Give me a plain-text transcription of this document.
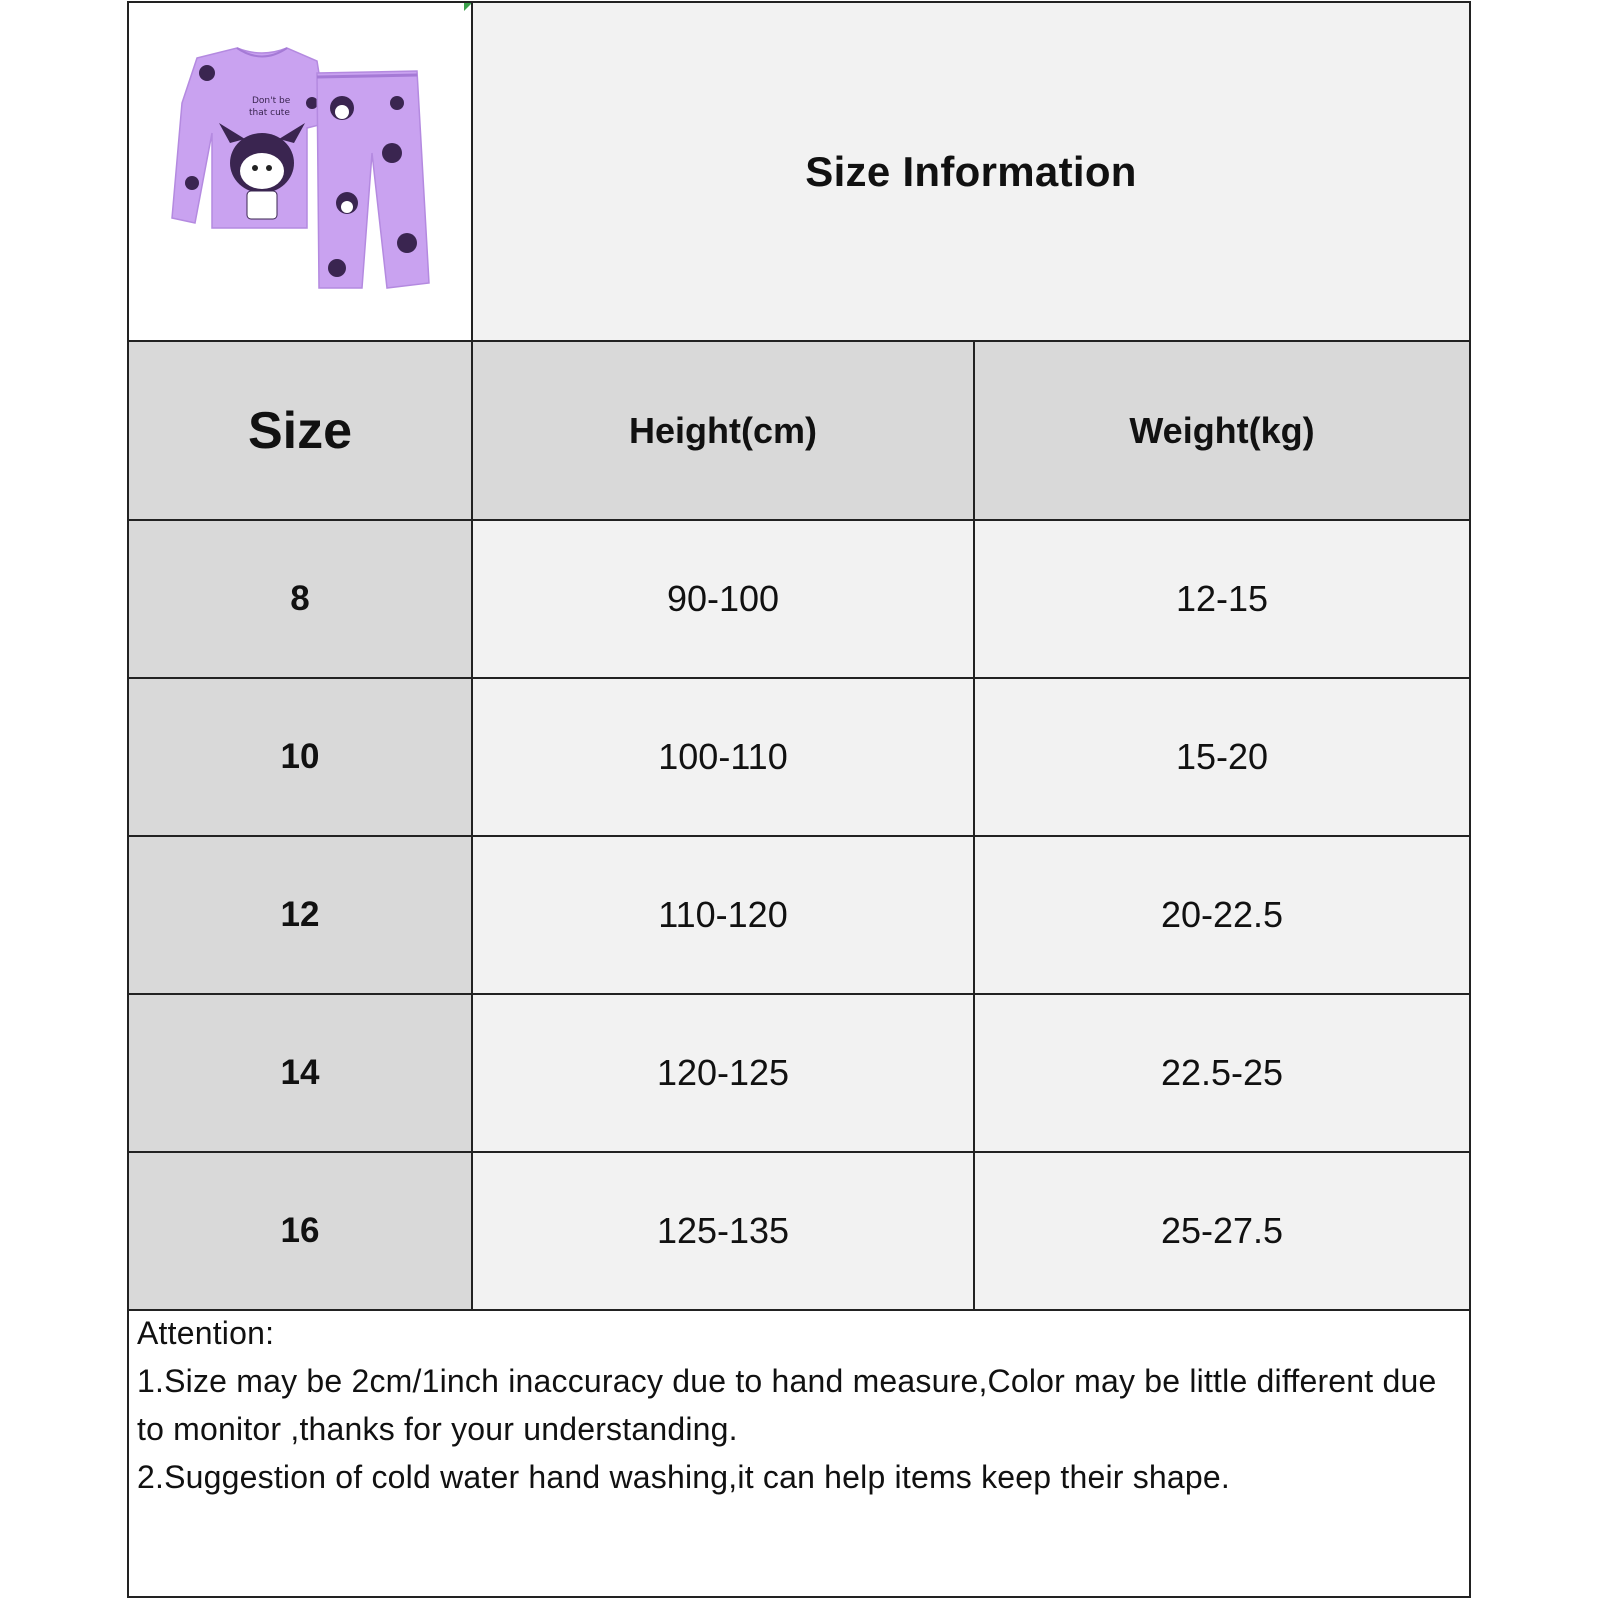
Don't be
that cute
Size Information
Size	Height(cm)	Weight(kg)
8	90-100	12-15
10	100-110	15-20
12	110-120	20-22.5
14	120-125	22.5-25
16	125-135	25-27.5
Attention:
1.Size may be 2cm/1inch inaccuracy due to hand measure,Color may be little different due to monitor ,thanks for your understanding.
2.Suggestion of cold water hand washing,it can help items keep their shape.
